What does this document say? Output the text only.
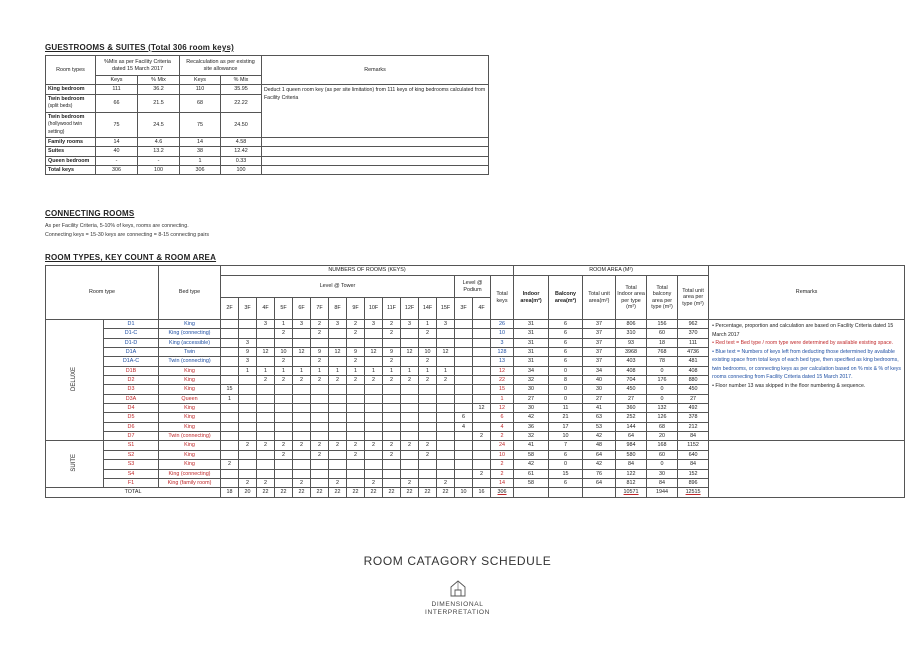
GUESTROOMS & SUITES (Total 306 room keys)
Room types	%Mix as per Facility Criteria dated 15 March 2017		Recalculation as per existing site allowance		Remarks
	Keys	% Mix	Keys	% Mix	
King bedroom	111	36.2	110	35.95	Deduct 1 queen room key (as per site limitation) from 111 keys of king bedrooms calculated from Facility Criteria
Twin bedroom
(split beds)	66	21.5	68	22.22	
Twin bedroom
(hollywood twin setting)	75	24.5	75	24.50	
Family rooms	14	4.6	14	4.58	
Suites	40	13.2	38	12.42	
Queen bedroom	-	-	1	0.33	
Total keys	306	100	306	100	
CONNECTING ROOMS
As per Facility Criteria, 5-10% of keys, rooms are connecting.
Connecting keys = 15-30 keys are connecting = 8-15 connecting pairs
ROOM TYPES, KEY COUNT & ROOM AREA
Room type		Bed type	NUMBERS OF ROOMS (KEYS)																ROOM AREA (M²)						Remarks
			Level @ Tower													Level @ Podium		Total keys	Indoor area(m²)	Balcony area(m²)	Total unit area(m²)	Total Indoor area per type (m²)	Total balcony area per type (m²)	Total unit area per type (m²)	
			2F	3F	4F	5F	6F	7F	8F	9F	10F	11F	12F	14F	15F	3F	4F								
DELUXE	D1	King			3	1	3	2	3	2	3	2	3	1	3			26	31	6	37	806	156	962	• Percentage, proportion and calculation are based on Facility Criteria dated 15 March 2017
• Red text = Bed type / room type were determined by available existing space.
• Blue text = Numbers of keys left from deducting those determined by available existing space from total keys of each bed type, then specified as king bedrooms, twin bedrooms, or connecting keys as per calculation based on % mix & % of keys rooms connecting from Facility Criteria dated 15 March 2017.
• Floor number 13 was skipped in the floor numbering & sequence.

	D1-C	King (connecting)				2		2		2		2		2				10	31	6	37	310	60	370	
	D1-D	King (accessible)		3														3	31	6	37	93	18	111	
	D1A	Twin		9	12	10	12	9	12	9	12	9	12	10	12			128	31	6	37	3968	768	4736	
	D1A-C	Twin (connecting)		3		2		2		2		2		2				13	31	6	37	403	78	481	
	D1B	King		1	1	1	1	1	1	1	1	1	1	1	1			12	34	0	34	408	0	408	
	D2	King			2	2	2	2	2	2	2	2	2	2	2			22	32	8	40	704	176	880	
	D3	King	15															15	30	0	30	450	0	450	
	D3A	Queen	1															1	27	0	27	27	0	27	
	D4	King															12	12	30	11	41	360	132	492	
	D5	King														6		6	42	21	63	252	126	378	
	D6	King														4		4	36	17	53	144	68	212	
	D7	Twin (connecting)															2	2	32	10	42	64	20	84	
SUITE	S1	King		2	2	2	2	2	2	2	2	2	2	2				24	41	7	48	984	168	1152	
	S2	King				2		2		2		2		2				10	58	6	64	580	60	640	
	S3	King	2															2	42	0	42	84	0	84	
	S4	King (connecting)															2	2	61	15	76	122	30	152	
	F1	King (family room)		2	2		2		2		2		2		2			14	58	6	64	812	84	896	
TOTAL			18	20	22	22	22	22	22	22	22	22	22	22	22	10	16	306				10571	1944	12515	
ROOM CATAGORY SCHEDULE
DIMENSIONAL
INTERPRETATION
